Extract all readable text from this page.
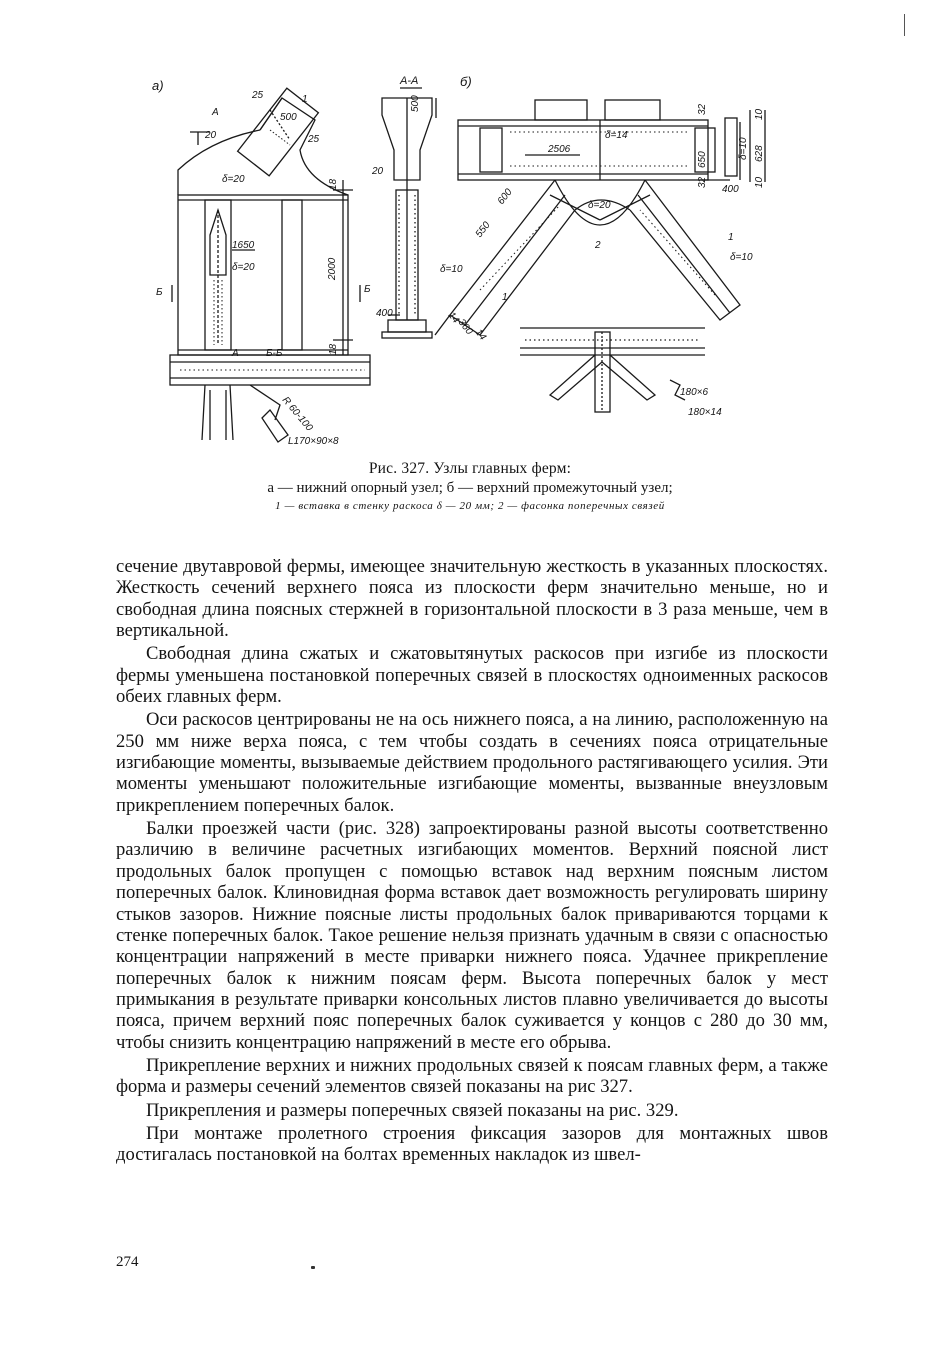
a)	б)
А-А
25
500
25
1
A
20
δ=20
1650
δ=20	2000
18
Б	Б
А	Б-Б	18
R 60-100
L170×90×8
500
20
400
32
650
32
δ=14
2506
δ=20
600
550
2
1
δ=10
δ=10
14
360
14
1
10
δ=10 628
10
400
180×6
180×14
Рис. 327. Узлы главных ферм:
а — нижний опорный узел; б — верхний промежуточный узел;
1 — вставка в стенку раскоса δ — 20 мм; 2 — фасонка поперечных связей

сечение двутавровой фермы, имеющее значительную жесткость в указанных плоскостях. Жесткость сечений верхнего пояса из плоскости ферм значительно меньше, но и свободная длина поясных стержней в горизонтальной плоскости в 3 раза меньше, чем в вертикальной.

Свободная длина сжатых и сжатовытянутых раскосов при изгибе из плоскости фермы уменьшена постановкой поперечных связей в плоскостях одноименных раскосов обеих главных ферм.

Оси раскосов центрированы не на ось нижнего пояса, а на линию, расположенную на 250 мм ниже верха пояса, с тем чтобы создать в сечениях пояса отрицательные изгибающие моменты, вызываемые действием продольного растягивающего усилия. Эти моменты уменьшают положительные изгибающие моменты, вызванные внеузловым прикреплением поперечных балок.

Балки проезжей части (рис. 328) запроектированы разной высоты соответственно различию в величине расчетных изгибающих моментов. Верхний поясной лист продольных балок пропущен с помощью вставок над верхним поясным листом поперечных балок. Клиновидная форма вставок дает возможность регулировать ширину стыков зазоров. Нижние поясные листы продольных балок привариваются торцами к стенке поперечных балок. Такое решение нельзя признать удачным в связи с опасностью концентрации напряжений в месте приварки нижнего пояса. Удачнее прикрепление поперечных балок к нижним поясам ферм. Высота поперечных балок у мест примыкания в результате приварки консольных листов плавно увеличивается до высоты пояса, причем верхний пояс поперечных балок суживается у концов с 280 до 30 мм, чтобы снизить концентрацию напряжений в месте его обрыва.

Прикрепление верхних и нижних продольных связей к поясам главных ферм, а также форма и размеры сечений элементов связей показаны на рис 327.

Прикрепления и размеры поперечных связей показаны на рис. 329.

При монтаже пролетного строения фиксация зазоров для монтажных швов достигалась постановкой на болтах временных накладок из швел-

274
